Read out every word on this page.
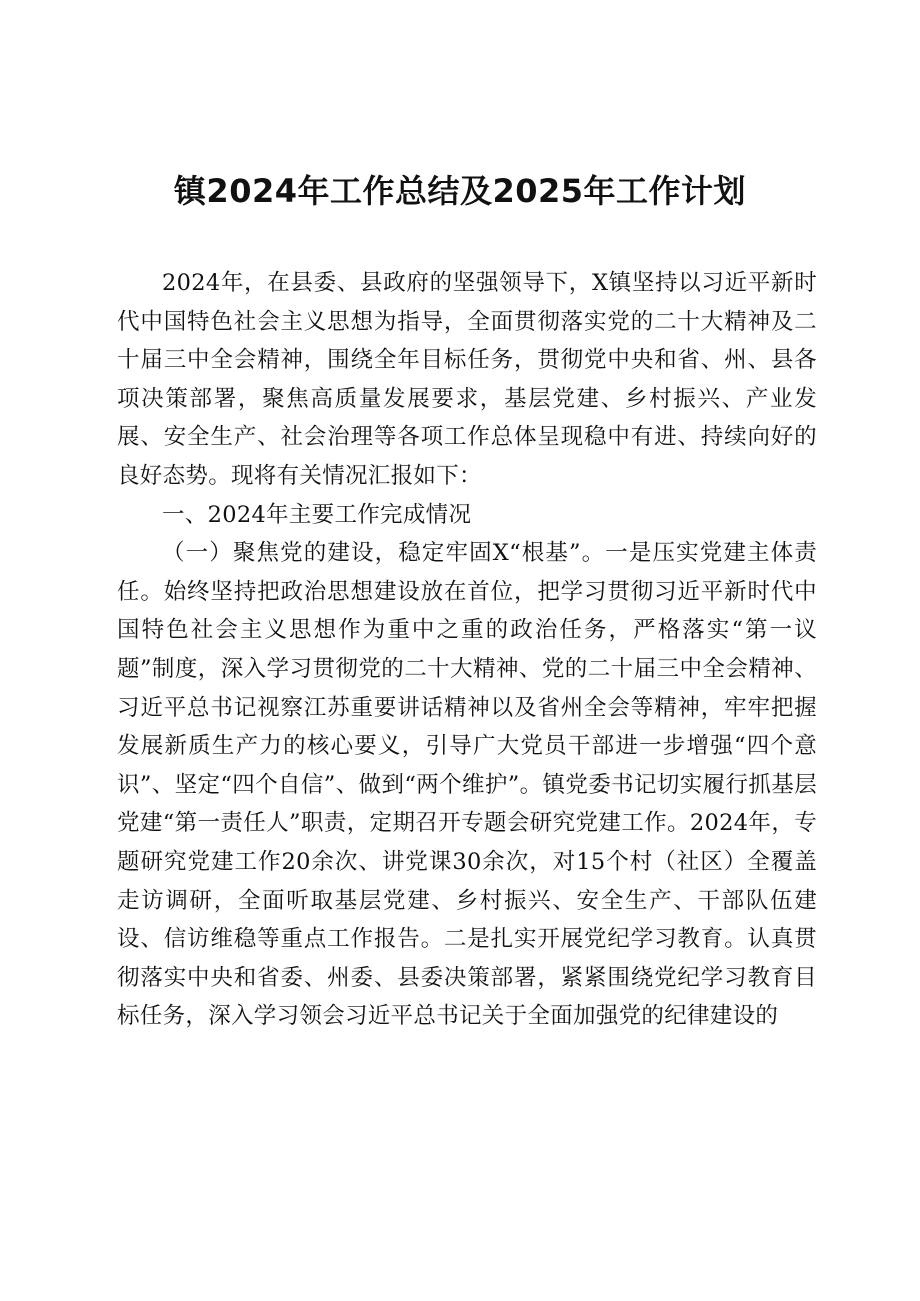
镇2024年工作总结及2025年工作计划

2024年，在县委、县政府的坚强领导下，X镇坚持以习近平新时代中国特色社会主义思想为指导，全面贯彻落实党的二十大精神及二十届三中全会精神，围绕全年目标任务，贯彻党中央和省、州、县各项决策部署，聚焦高质量发展要求，基层党建、乡村振兴、产业发展、安全生产、社会治理等各项工作总体呈现稳中有进、持续向好的良好态势。现将有关情况汇报如下：

一、2024年主要工作完成情况

（一）聚焦党的建设，稳定牢固X“根基”。一是压实党建主体责任。始终坚持把政治思想建设放在首位，把学习贯彻习近平新时代中国特色社会主义思想作为重中之重的政治任务，严格落实“第一议题”制度，深入学习贯彻党的二十大精神、党的二十届三中全会精神、习近平总书记视察江苏重要讲话精神以及省州全会等精神，牢牢把握发展新质生产力的核心要义，引导广大党员干部进一步增强“四个意识”、坚定“四个自信”、做到“两个维护”。镇党委书记切实履行抓基层党建“第一责任人”职责，定期召开专题会研究党建工作。2024年，专题研究党建工作20余次、讲党课30余次，对15个村（社区）全覆盖走访调研，全面听取基层党建、乡村振兴、安全生产、干部队伍建设、信访维稳等重点工作报告。二是扎实开展党纪学习教育。认真贯彻落实中央和省委、州委、县委决策部署，紧紧围绕党纪学习教育目标任务，深入学习领会习近平总书记关于全面加强党的纪律建设的
